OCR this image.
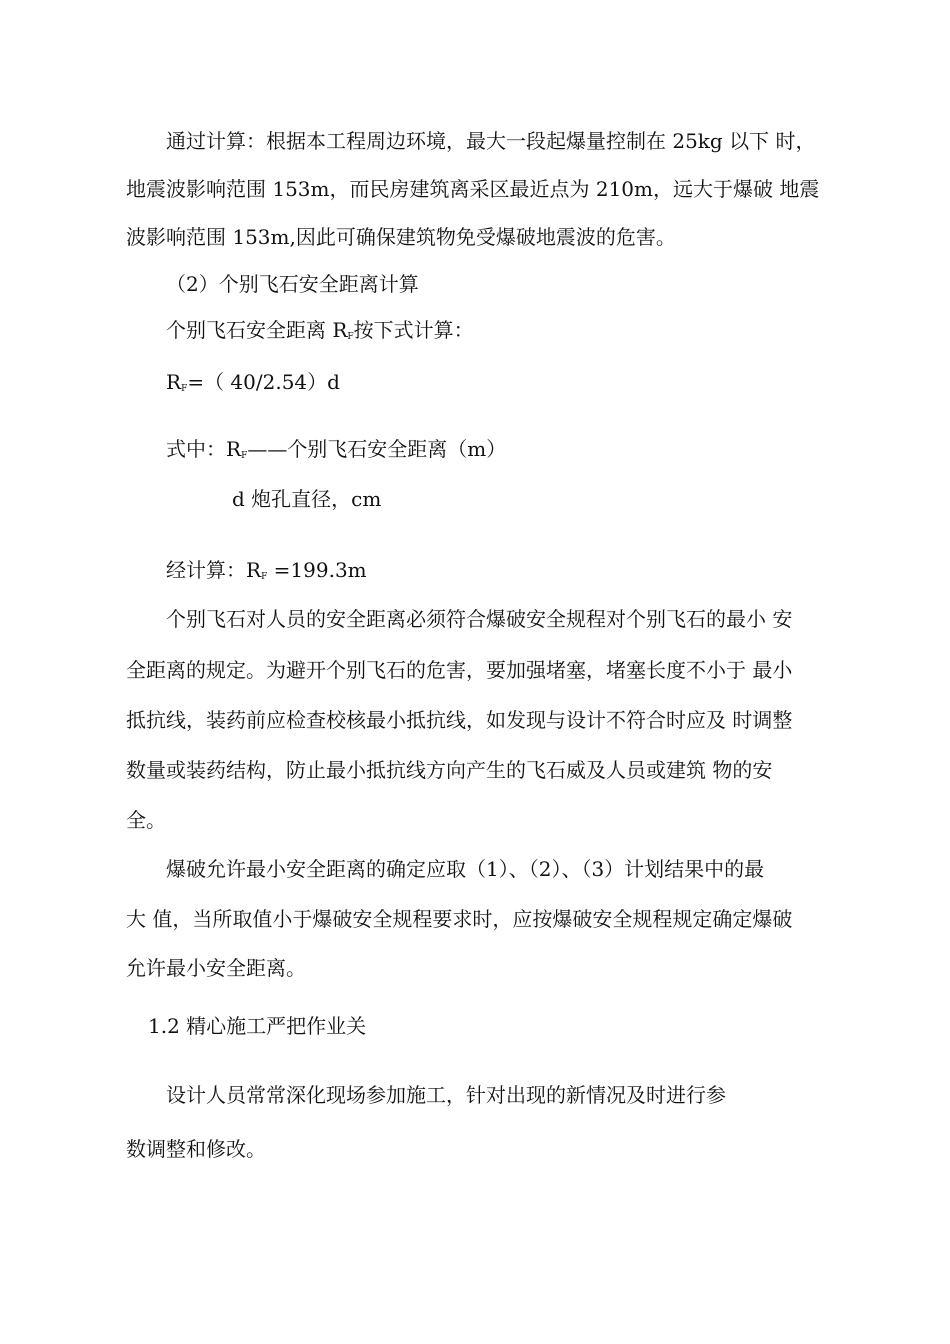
通过计算：根据本工程周边环境，最大一段起爆量控制在 25kg 以下 时，
地震波影响范围 153m，而民房建筑离采区最近点为 210m，远大于爆破 地震
波影响范围 153m,因此可确保建筑物免受爆破地震波的危害。
（2）个别飞石安全距离计算
个别飞石安全距离 $R_F$按下式计算：
$R_F=$（ 40/2.54）d
式中：$R_F——$个别飞石安全距离（m）
d 炮孔直径，cm
经计算：$R_F =199.3m$
个别飞石对人员的安全距离必须符合爆破安全规程对个别飞石的最小 安
全距离的规定。为避开个别飞石的危害，要加强堵塞，堵塞长度不小于 最小
抵抗线，装药前应检查校核最小抵抗线，如发现与设计不符合时应及 时调整
数量或装药结构，防止最小抵抗线方向产生的飞石威及人员或建筑 物的安
全。
爆破允许最小安全距离的确定应取（1）、（2）、（3）计划结果中的最
大 值，当所取值小于爆破安全规程要求时，应按爆破安全规程规定确定爆破
允许最小安全距离。
1.2 精心施工严把作业关
设计人员常常深化现场参加施工，针对出现的新情况及时进行参
数调整和修改。
